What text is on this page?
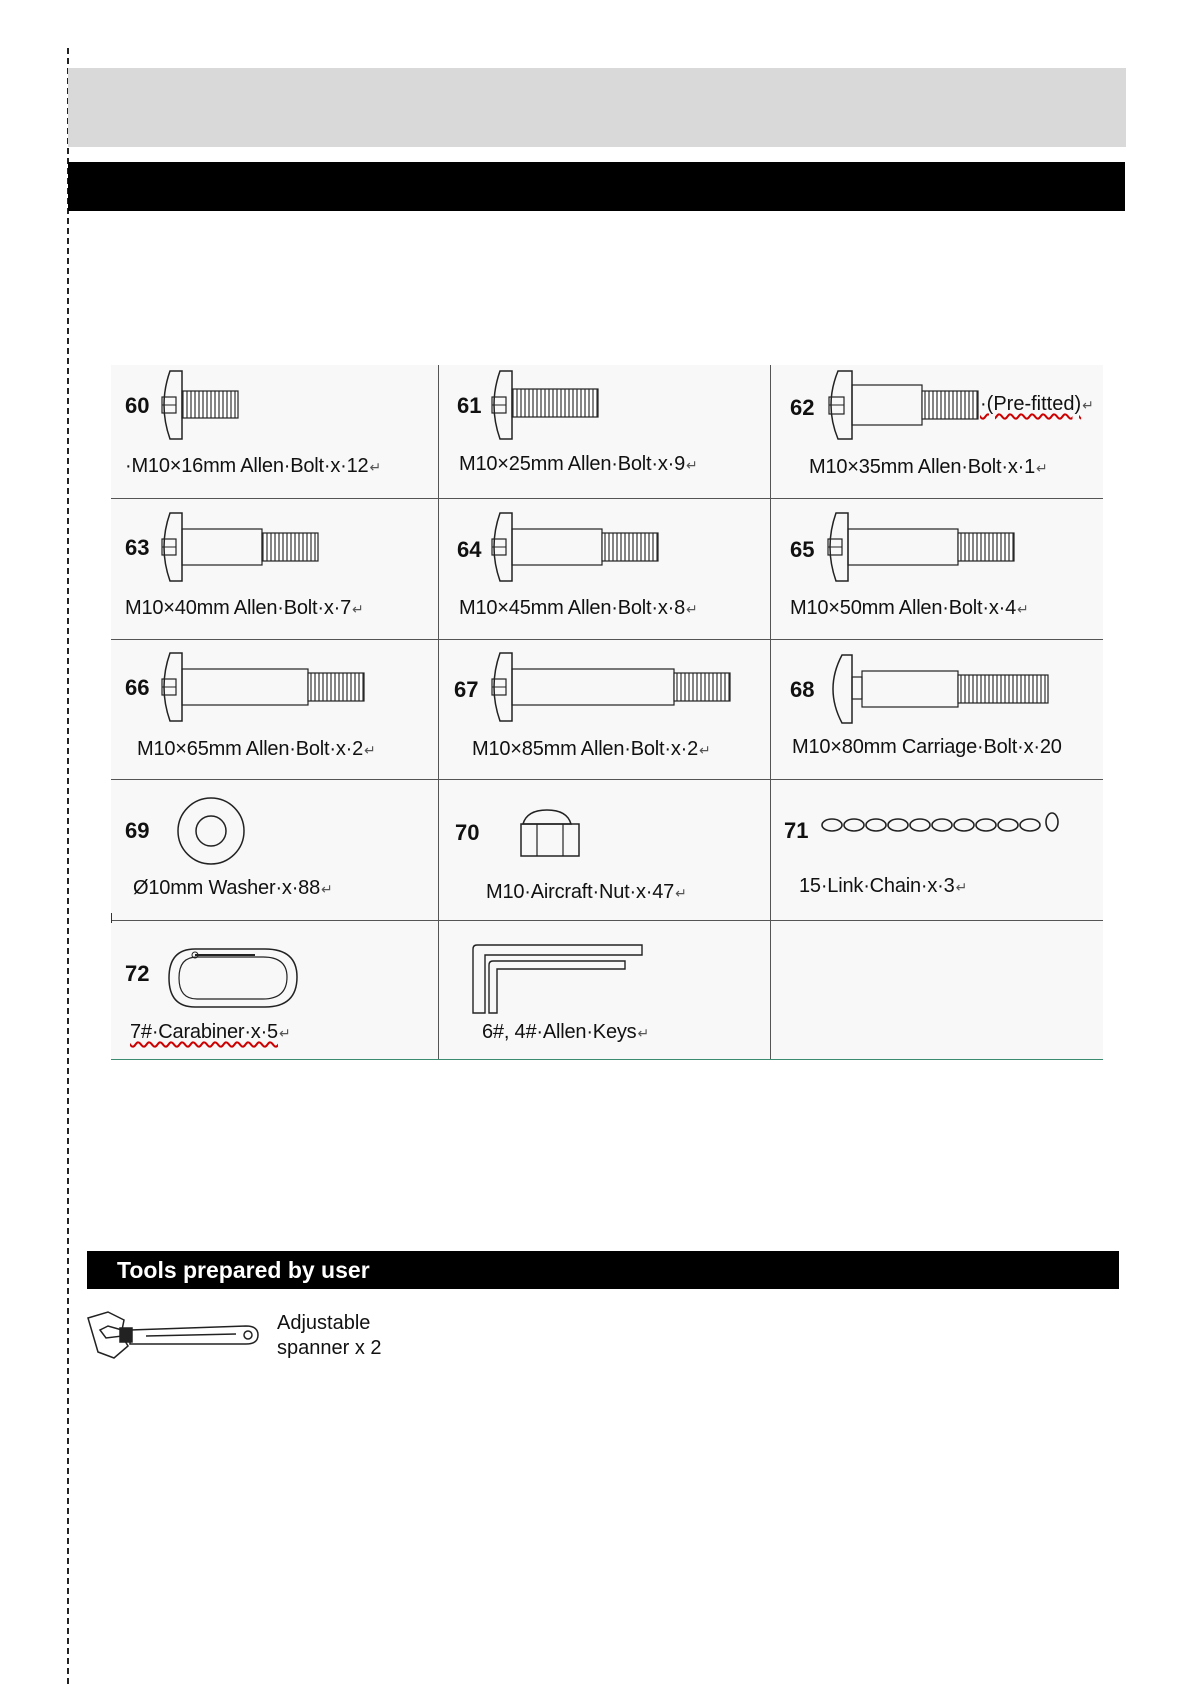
60
·M10×16mm Allen·Bolt·x·12↵
61
M10×25mm Allen·Bolt·x·9↵
62	·(Pre-fitted)↵
M10×35mm Allen·Bolt·x·1↵
63
M10×40mm Allen·Bolt·x·7↵
64
M10×45mm Allen·Bolt·x·8↵
65
M10×50mm Allen·Bolt·x·4↵
66
M10×65mm Allen·Bolt·x·2↵
67
M10×85mm Allen·Bolt·x·2↵
68
M10×80mm Carriage·Bolt·x·20
69
Ø10mm Washer·x·88↵
70
M10·Aircraft·Nut·x·47↵
71
15·Link·Chain·x·3↵
72
7#·Carabiner·x·5↵	6#, 4#·Allen·Keys↵
Tools prepared by user
Adjustable
spanner x 2
